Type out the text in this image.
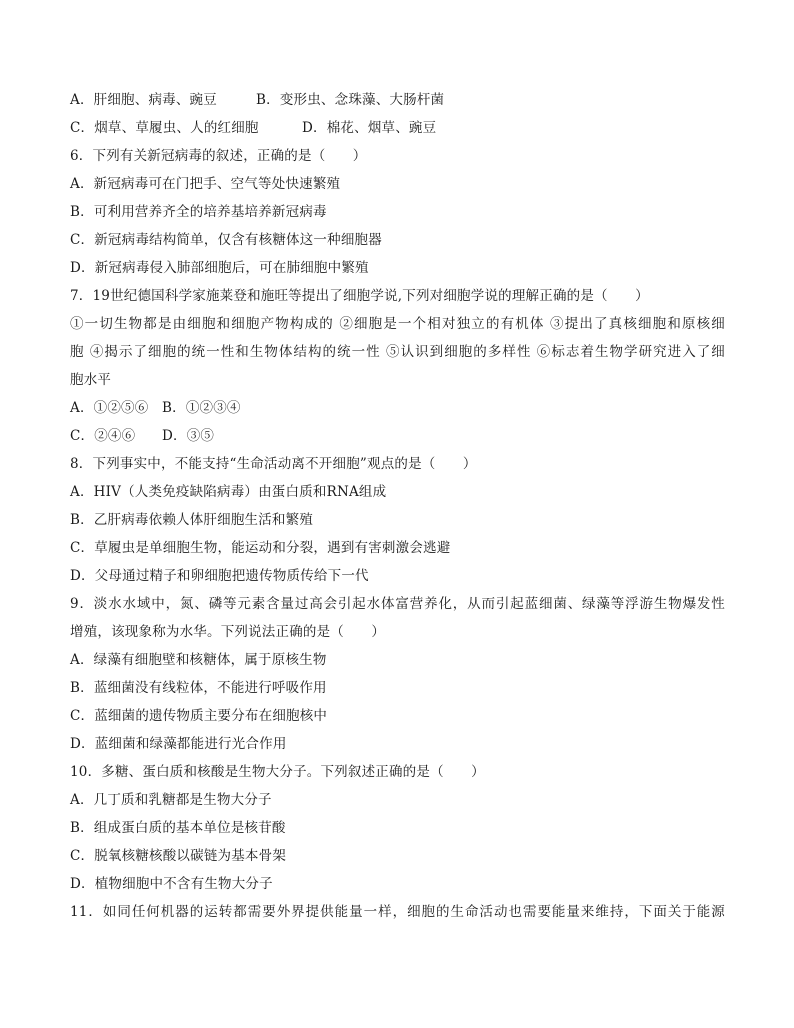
A．肝细胞、病毒、豌豆	B．变形虫、念珠藻、大肠杆菌
C．烟草、草履虫、人的红细胞	D．棉花、烟草、豌豆
6．下列有关新冠病毒的叙述，正确的是（　　）
A．新冠病毒可在门把手、空气等处快速繁殖
B．可利用营养齐全的培养基培养新冠病毒
C．新冠病毒结构简单，仅含有核糖体这一种细胞器
D．新冠病毒侵入肺部细胞后，可在肺细胞中繁殖
7．19世纪德国科学家施莱登和施旺等提出了细胞学说,下列对细胞学说的理解正确的是（　　）
①一切生物都是由细胞和细胞产物构成的 ②细胞是一个相对独立的有机体 ③提出了真核细胞和原核细
胞 ④揭示了细胞的统一性和生物体结构的统一性 ⑤认识到细胞的多样性 ⑥标志着生物学研究进入了细
胞水平
A．①②⑤⑥ B．①②③④
C．②④⑥ D．③⑤
8．下列事实中，不能支持“生命活动离不开细胞”观点的是（　　）
A．HIV（人类免疫缺陷病毒）由蛋白质和RNA组成
B．乙肝病毒依赖人体肝细胞生活和繁殖
C．草履虫是单细胞生物，能运动和分裂，遇到有害刺激会逃避
D．父母通过精子和卵细胞把遗传物质传给下一代
9．淡水水域中，氮、磷等元素含量过高会引起水体富营养化，从而引起蓝细菌、绿藻等浮游生物爆发性
增殖，该现象称为水华。下列说法正确的是（　　）
A．绿藻有细胞壁和核糖体，属于原核生物
B．蓝细菌没有线粒体，不能进行呼吸作用
C．蓝细菌的遗传物质主要分布在细胞核中
D．蓝细菌和绿藻都能进行光合作用
10．多糖、蛋白质和核酸是生物大分子。下列叙述正确的是（　　）
A．几丁质和乳糖都是生物大分子
B．组成蛋白质的基本单位是核苷酸
C．脱氧核糖核酸以碳链为基本骨架
D．植物细胞中不含有生物大分子
11．如同任何机器的运转都需要外界提供能量一样，细胞的生命活动也需要能量来维持，下面关于能源
